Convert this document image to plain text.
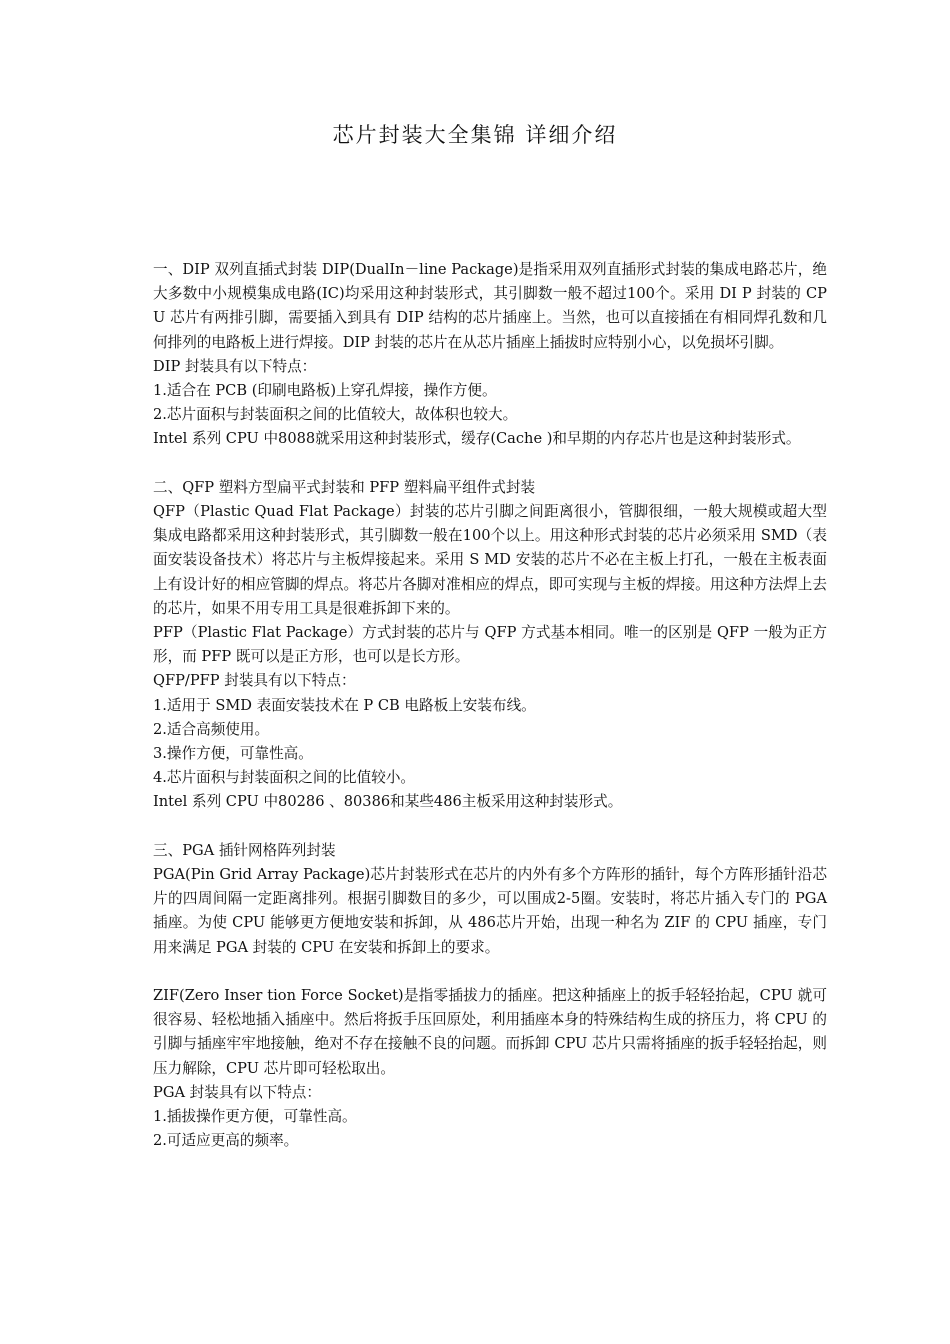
芯片封装大全集锦 详细介绍

一、DIP 双列直插式封装 DIP(DualIn－line Package)是指采用双列直插形式封装的集成电路芯片，绝大多数中小规模集成电路(IC)均采用这种封装形式，其引脚数一般不超过100个。采用 DI P 封装的 CPU 芯片有两排引脚，需要插入到具有 DIP 结构的芯片插座上。当然，也可以直接插在有相同焊孔数和几何排列的电路板上进行焊接。DIP 封装的芯片在从芯片插座上插拔时应特别小心，以免损坏引脚。

DIP 封装具有以下特点：

1.适合在 PCB (印刷电路板)上穿孔焊接，操作方便。

2.芯片面积与封装面积之间的比值较大，故体积也较大。

Intel 系列 CPU 中8088就采用这种封装形式，缓存(Cache )和早期的内存芯片也是这种封装形式。

二、QFP 塑料方型扁平式封装和 PFP 塑料扁平组件式封装

QFP（Plastic Quad Flat Package）封装的芯片引脚之间距离很小，管脚很细，一般大规模或超大型集成电路都采用这种封装形式，其引脚数一般在100个以上。用这种形式封装的芯片必须采用 SMD（表面安装设备技术）将芯片与主板焊接起来。采用 S MD 安装的芯片不必在主板上打孔，一般在主板表面上有设计好的相应管脚的焊点。将芯片各脚对准相应的焊点，即可实现与主板的焊接。用这种方法焊上去的芯片，如果不用专用工具是很难拆卸下来的。

PFP（Plastic Flat Package）方式封装的芯片与 QFP 方式基本相同。唯一的区别是 QFP 一般为正方形，而 PFP 既可以是正方形，也可以是长方形。

QFP/PFP 封装具有以下特点：

1.适用于 SMD 表面安装技术在 P CB 电路板上安装布线。

2.适合高频使用。

3.操作方便，可靠性高。

4.芯片面积与封装面积之间的比值较小。

Intel 系列 CPU 中80286 、80386和某些486主板采用这种封装形式。

三、PGA 插针网格阵列封装

PGA(Pin Grid Array Package)芯片封装形式在芯片的内外有多个方阵形的插针，每个方阵形插针沿芯片的四周间隔一定距离排列。根据引脚数目的多少，可以围成2-5圈。安装时，将芯片插入专门的 PGA 插座。为使 CPU 能够更方便地安装和拆卸，从 486芯片开始，出现一种名为 ZIF 的 CPU 插座，专门用来满足 PGA 封装的 CPU 在安装和拆卸上的要求。

ZIF(Zero Inser tion Force Socket)是指零插拔力的插座。把这种插座上的扳手轻轻抬起，CPU 就可很容易、轻松地插入插座中。然后将扳手压回原处，利用插座本身的特殊结构生成的挤压力，将 CPU 的引脚与插座牢牢地接触，绝对不存在接触不良的问题。而拆卸 CPU 芯片只需将插座的扳手轻轻抬起，则压力解除，CPU 芯片即可轻松取出。

PGA 封装具有以下特点：

1.插拔操作更方便，可靠性高。

2.可适应更高的频率。
